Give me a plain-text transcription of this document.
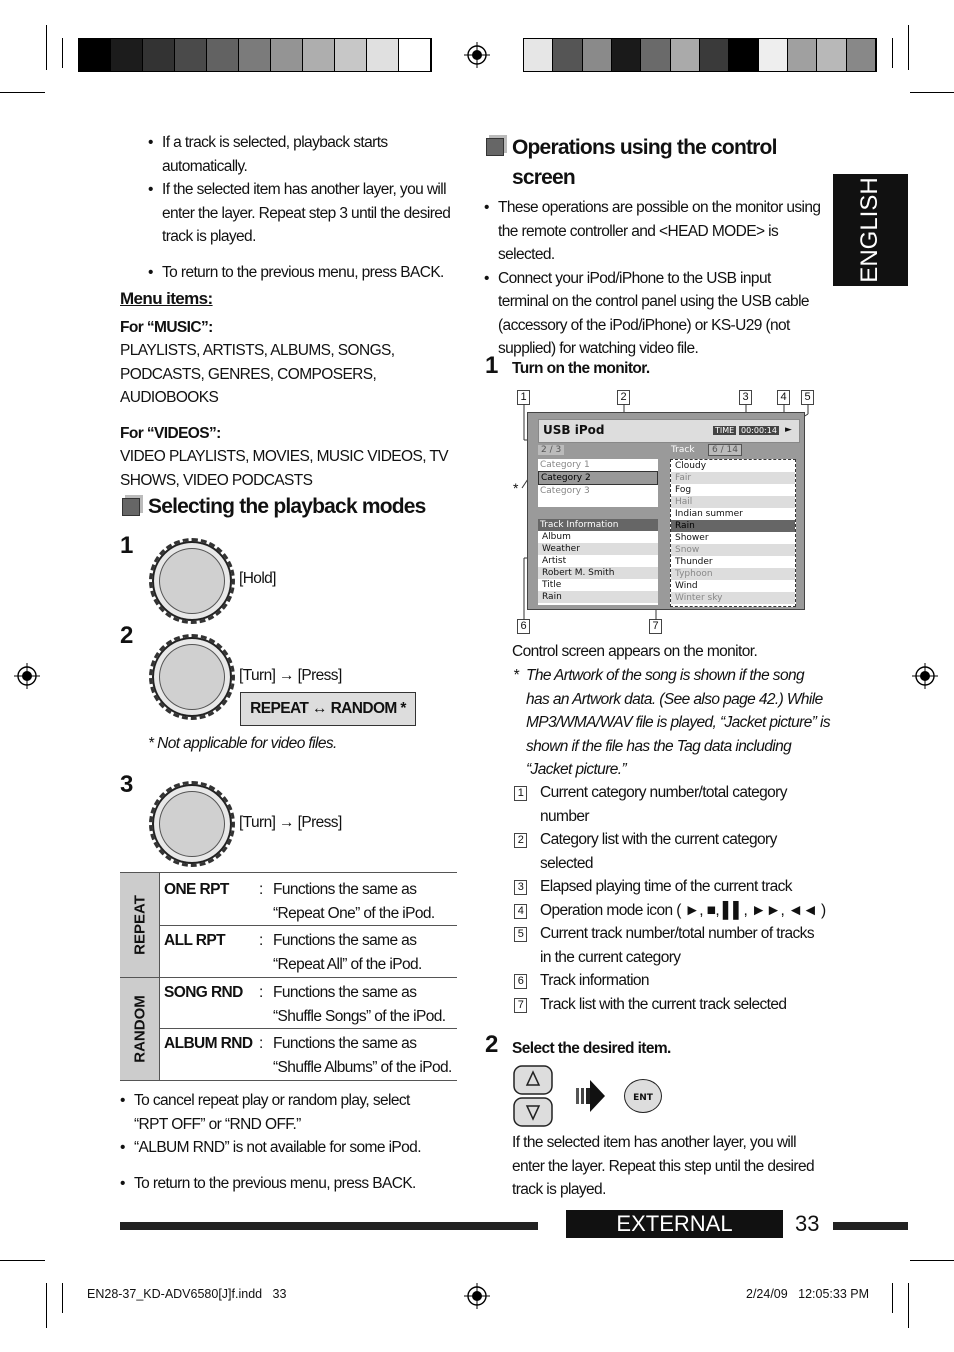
ENGLISH
• If a track is selected, playback starts automatically.
• If the selected item has another layer, you will enter the layer. Repeat step 3 until the desired track is played.
• To return to the previous menu, press BACK.
Menu items:
For “MUSIC”:
PLAYLISTS, ARTISTS, ALBUMS, SONGS, PODCASTS, GENRES, COMPOSERS, AUDIOBOOKS
For “VIDEOS”:
VIDEO PLAYLISTS, MOVIES, MUSIC VIDEOS, TV SHOWS, VIDEO PODCASTS
Selecting the playback modes
1
[Hold]
2
[Turn] → [Press]
REPEAT ↔ RANDOM *
* Not applicable for video files.
3
[Turn] → [Press]
REPEAT
RANDOM
ONE RPT : Functions the same as “Repeat One” of the iPod.
ALL RPT : Functions the same as “Repeat All” of the iPod.
SONG RND : Functions the same as “Shuffle Songs” of the iPod.
ALBUM RND : Functions the same as “Shuffle Albums” of the iPod.
• To cancel repeat play or random play, select “RPT OFF” or “RND OFF.”
• “ALBUM RND” is not available for some iPod.
• To return to the previous menu, press BACK.
Operations using the control screen
• These operations are possible on the monitor using the remote controller and <HEAD MODE> is selected.
• Connect your iPod/iPhone to the USB input terminal on the control panel using the USB cable (accessory of the iPod/iPhone) or KS-U29 (not supplied) for watching video file.
1 Turn on the monitor.
1	2	3	4	5
6	7
*
USB iPod	TIME 00:00:14 ►
2 / 3	Track	6 / 14
Category 1
Category 2
Category 3
Track Information
Album
Weather
Artist
Robert M. Smith
Title
Rain
Cloudy
Fair
Fog
Hail
Indian summer
Rain
Shower
Snow
Thunder
Typhoon
Wind
Winter sky
Control screen appears on the monitor.
* The Artwork of the song is shown if the song has an Artwork data. (See also page 42.) While MP3/WMA/WAV file is played, “Jacket picture” is shown if the file has the Tag data including “Jacket picture.”
1 Current category number/total category number
2 Category list with the current category selected
3 Elapsed playing time of the current track
4 Operation mode icon ( ►, ■, ▌▌, ►►, ◄◄ )
5 Current track number/total number of tracks in the current category
6 Track information
7 Track list with the current track selected
2 Select the desired item.
ENT
If the selected item has another layer, you will enter the layer. Repeat this step until the desired track is played.
EXTERNAL DEVICES
33
EN28-37_KD-ADV6580[J]f.indd   33	2/24/09   12:05:33 PM
